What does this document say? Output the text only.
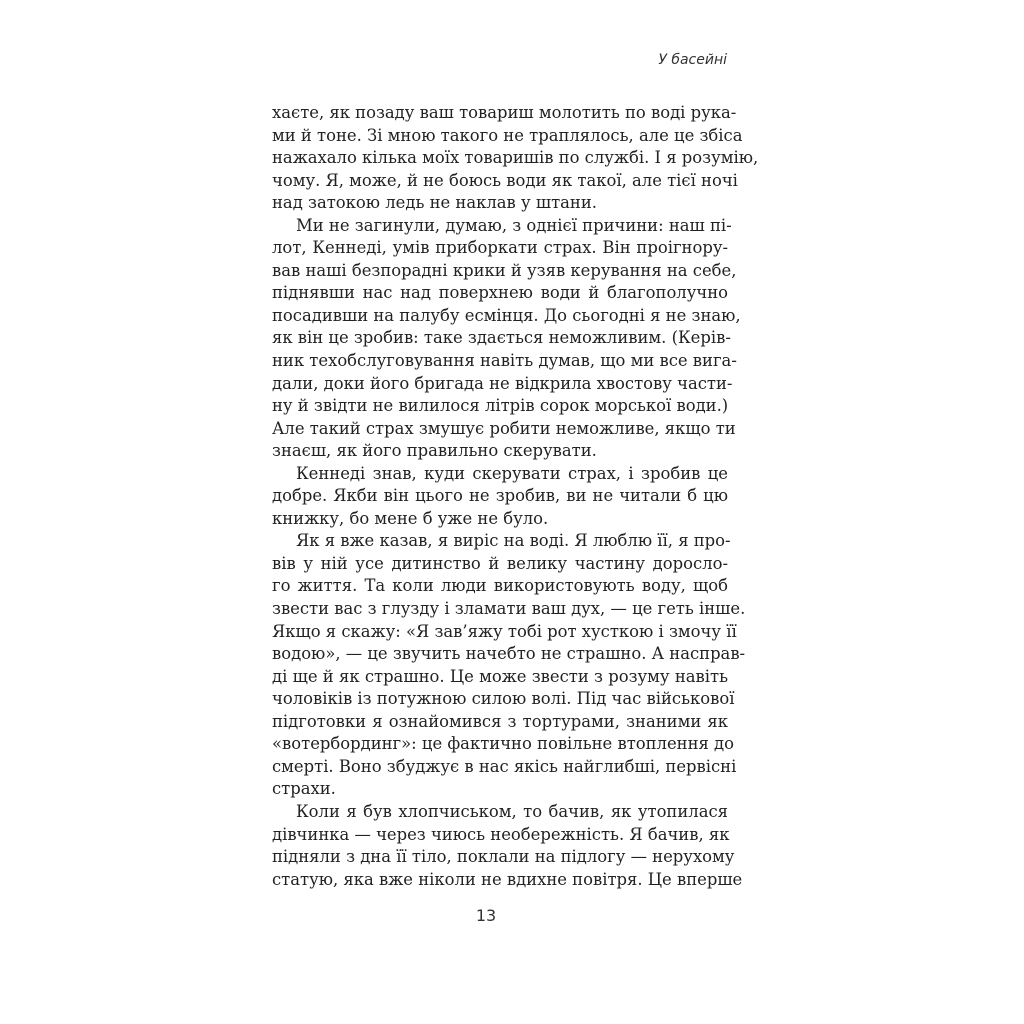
У басейні
хаєте, як позаду ваш товариш молотить по воді рука-
ми й тоне. Зі мною такого не траплялось, але це збіса
нажахало кілька моїх товаришів по службі. І я розумію,
чому. Я, може, й не боюсь води як такої, але тієї ночі
над затокою ледь не наклав у штани.
Ми не загинули, думаю, з однієї причини: наш пі-
лот, Кеннеді, умів приборкати страх. Він проігнору-
вав наші безпорадні крики й узяв керування на себе,
піднявши нас над поверхнею води й благополучно
посадивши на палубу есмінця. До сьогодні я не знаю,
як він це зробив: таке здається неможливим. (Керів-
ник техобслуговування навіть думав, що ми все вига-
дали, доки його бригада не відкрила хвостову части-
ну й звідти не вилилося літрів сорок морської води.)
Але такий страх змушує робити неможливе, якщо ти
знаєш, як його правильно скерувати.
Кеннеді знав, куди скерувати страх, і зробив це
добре. Якби він цього не зробив, ви не читали б цю
книжку, бо мене б уже не було.
Як я вже казав, я виріс на воді. Я люблю її, я про-
вів у ній усе дитинство й велику частину доросло-
го життя. Та коли люди використовують воду, щоб
звести вас з глузду і зламати ваш дух, — це геть інше.
Якщо я скажу: «Я зав’яжу тобі рот хусткою і змочу її
водою», — це звучить начебто не страшно. А насправ-
ді ще й як страшно. Це може звести з розуму навіть
чоловіків із потужною силою волі. Під час військової
підготовки я ознайомився з тортурами, знаними як
«вотербординг»: це фактично повільне втоплення до
смерті. Воно збуджує в нас якісь найглибші, первісні
страхи.
Коли я був хлопчиськом, то бачив, як утопилася
дівчинка — через чиюсь необережність. Я бачив, як
підняли з дна її тіло, поклали на підлогу — нерухому
статую, яка вже ніколи не вдихне повітря. Це вперше
13
